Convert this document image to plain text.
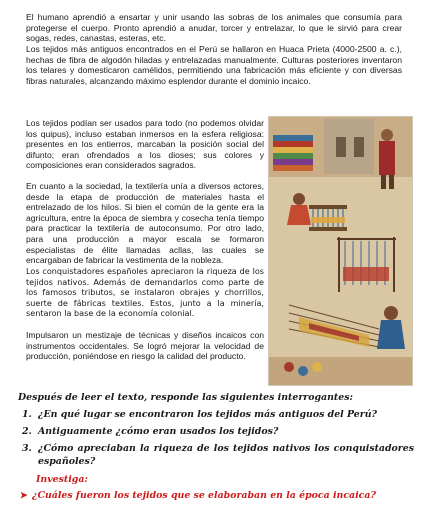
El humano aprendió a ensartar y unir usando las sobras de los animales que consumía para protegerse el cuerpo. Pronto aprendió a anudar, torcer y entrelazar, lo que le sirvió para crear sogas, redes, canastas, esteras, etc.

Los tejidos más antiguos encontrados en el Perú se hallaron en Huaca Prieta (4000-2500 a. c.), hechas de fibra de algodón hiladas y entrelazadas manualmente. Culturas posteriores inventaron los telares y domesticaron camélidos, permitiendo una fabricación más eficiente y con diversas fibras naturales, alcanzando máximo esplendor durante el dominio incaico.

Los tejidos podían ser usados para todo (no podemos olvidar los quipus), incluso estaban inmersos en la esfera religiosa: presentes en los entierros, marcaban la posición social del difunto; eran ofrendados a los dioses; sus colores y composiciones eran considerados sagrados.

En cuanto a la sociedad, la textilería unía a diversos actores, desde la etapa de producción de materiales hasta el entrelazado de los hilos. Si bien el común de la gente era la agricultura, entre la época de siembra y cosecha tenía tiempo para practicar la textilería de autoconsumo. Por otro lado, para una producción a mayor escala se formaron especialistas de élite llamadas acllas, las cuales se encargaban de fabricar la vestimenta de la nobleza.

Los conquistadores españoles apreciaron la riqueza de los tejidos nativos. Además de demandarlos como parte de los famosos tributos, se instalaron obrajes y chorrillos, suerte de fábricas textiles. Estos, junto a la minería, sentaron la base de la economía colonial.

Impulsaron un mestizaje de técnicas y diseños incaicos con instrumentos occidentales. Se logró mejorar la velocidad de producción, poniéndose en riesgo la calidad del producto.

Después de leer el texto, responde las siguientes interrogantes:
1. ¿En qué lugar se encontraron los tejidos más antiguos del Perú?
2. Antiguamente ¿cómo eran usados los tejidos?
3. ¿Cómo apreciaban la riqueza de los tejidos nativos los conquistadores españoles?
Investiga:
➤ ¿Cuáles fueron los tejidos que se elaboraban en la época incaica?
